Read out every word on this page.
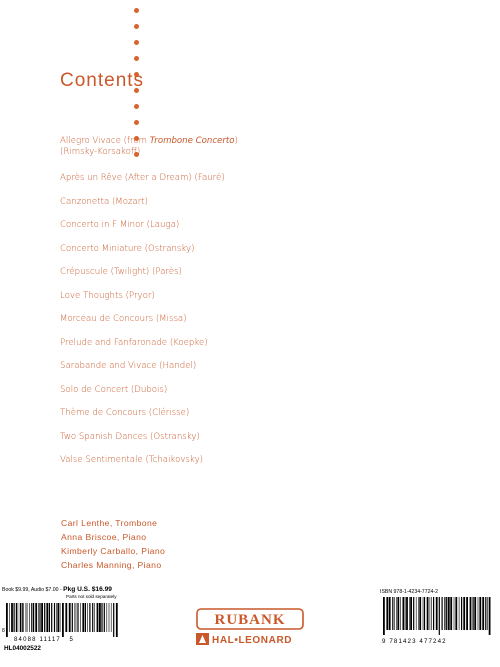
Contents
Allegro Vivace (from Trombone Concerto)
(Rimsky-Korsakoff)
Après un Rêve (After a Dream) (Fauré)
Canzonetta (Mozart)
Concerto in F Minor (Lauga)
Concerto Miniature (Ostransky)
Crépuscule (Twilight) (Parès)
Love Thoughts (Pryor)
Morceau de Concours (Missa)
Prelude and Fanfaronade (Koepke)
Sarabande and Vivace (Handel)
Solo de Concert (Dubois)
Thème de Concours (Clérisse)
Two Spanish Dances (Ostransky)
Valse Sentimentale (Tchaikovsky)
Carl Lenthe, Trombone
Anna Briscoe, Piano
Kimberly Carballo, Piano
Charles Manning, Piano
Book $9.99, Audio $7.00 - Pkg U.S. $16.99
Parts not sold separately
8
84088 11117 5
HL04002522
RUBANK
HAL•LEONARD
ISBN 978-1-4234-7724-2
9 781423 477242
